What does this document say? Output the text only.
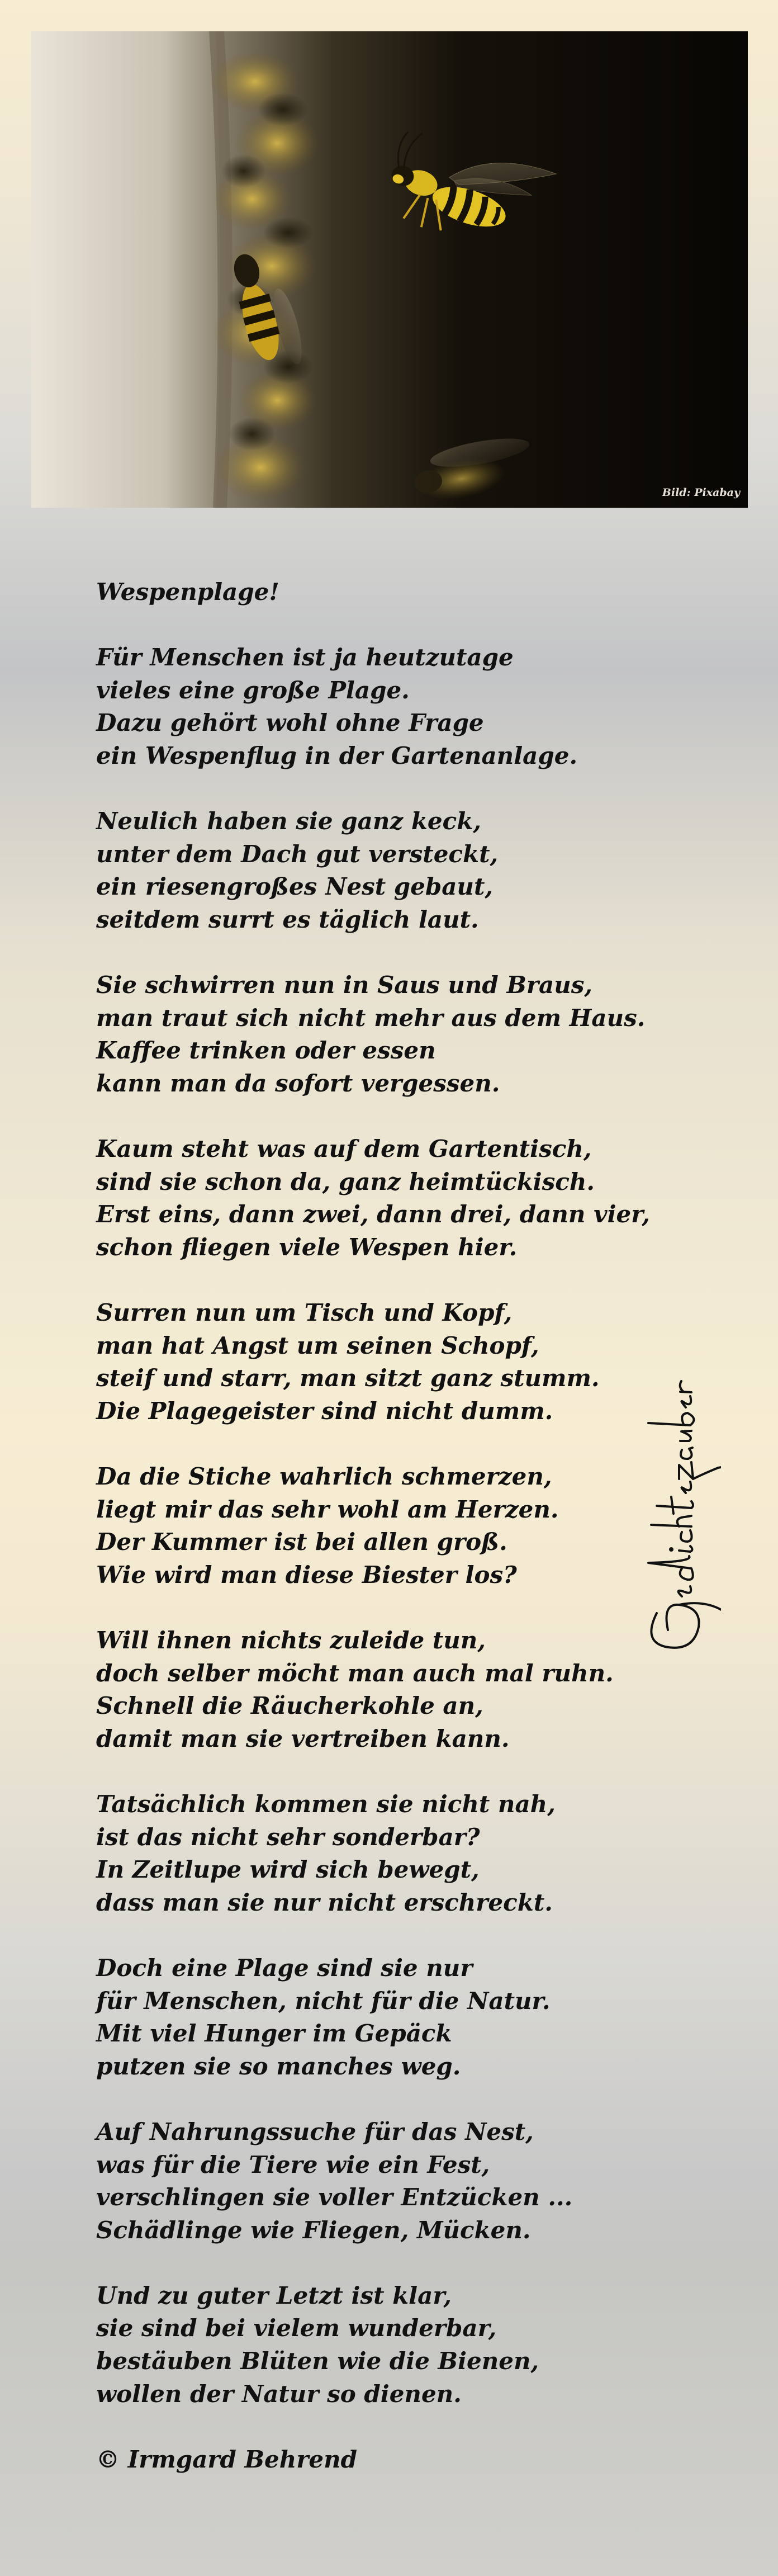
Bild: Pixabay
Wespenplage!
Für Menschen ist ja heutzutage
vieles eine große Plage.
Dazu gehört wohl ohne Frage
ein Wespenflug in der Gartenanlage.
Neulich haben sie ganz keck,
unter dem Dach gut versteckt,
ein riesengroßes Nest gebaut,
seitdem surrt es täglich laut.
Sie schwirren nun in Saus und Braus,
man traut sich nicht mehr aus dem Haus.
Kaffee trinken oder essen
kann man da sofort vergessen.
Kaum steht was auf dem Gartentisch,
sind sie schon da, ganz heimtückisch.
Erst eins, dann zwei, dann drei, dann vier,
schon fliegen viele Wespen hier.
Surren nun um Tisch und Kopf,
man hat Angst um seinen Schopf,
steif und starr, man sitzt ganz stumm.
Die Plagegeister sind nicht dumm.
Da die Stiche wahrlich schmerzen,
liegt mir das sehr wohl am Herzen.
Der Kummer ist bei allen groß.
Wie wird man diese Biester los?
Will ihnen nichts zuleide tun,
doch selber möcht man auch mal ruhn.
Schnell die Räucherkohle an,
damit man sie vertreiben kann.
Tatsächlich kommen sie nicht nah,
ist das nicht sehr sonderbar?
In Zeitlupe wird sich bewegt,
dass man sie nur nicht erschreckt.
Doch eine Plage sind sie nur
für Menschen, nicht für die Natur.
Mit viel Hunger im Gepäck
putzen sie so manches weg.
Auf Nahrungssuche für das Nest,
was für die Tiere wie ein Fest,
verschlingen sie voller Entzücken ...
Schädlinge wie Fliegen, Mücken.
Und zu guter Letzt ist klar,
sie sind bei vielem wunderbar,
bestäuben Blüten wie die Bienen,
wollen der Natur so dienen.
© Irmgard Behrend
